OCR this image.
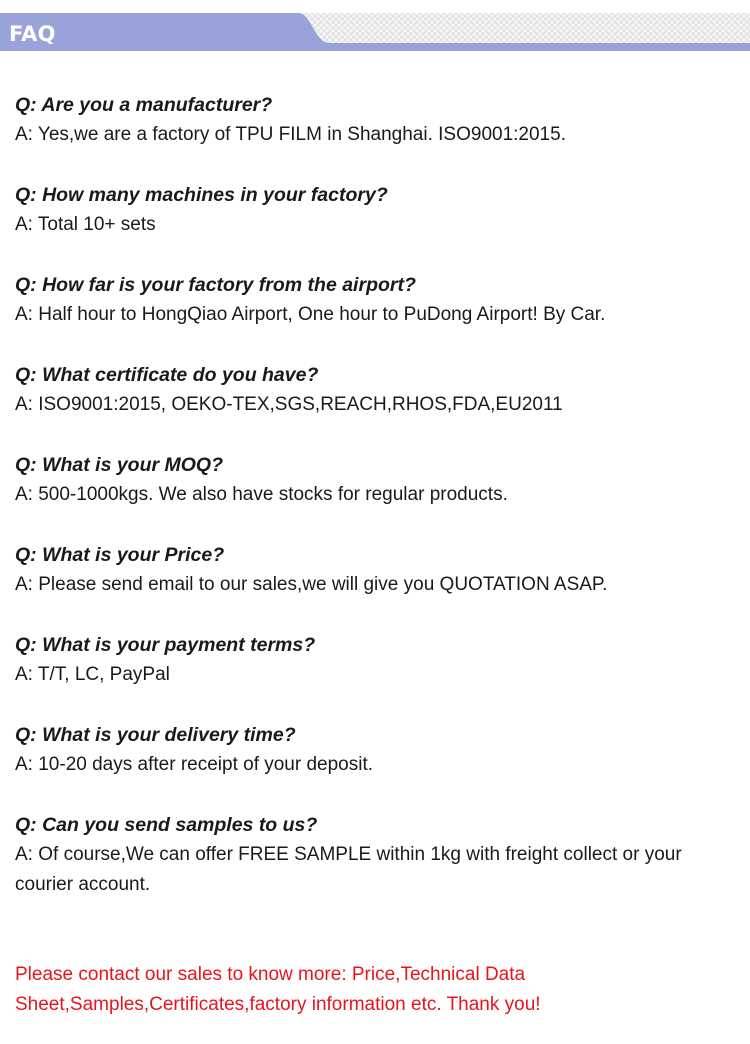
FAQ
Q: Are you a manufacturer?
A: Yes,we are a factory of TPU FILM in Shanghai. ISO9001:2015.
Q: How many machines in your factory?
A: Total 10+ sets
Q: How far is your factory from the airport?
A: Half hour to HongQiao Airport, One hour to PuDong Airport! By Car.
Q: What certificate do you have?
A: ISO9001:2015, OEKO-TEX,SGS,REACH,RHOS,FDA,EU2011
Q: What is your MOQ?
A: 500-1000kgs. We also have stocks for regular products.
Q: What is your Price?
A: Please send email to our sales,we will give you QUOTATION ASAP.
Q: What is your payment terms?
A: T/T, LC, PayPal
Q: What is your delivery time?
A: 10-20 days after receipt of your deposit.
Q: Can you send samples to us?
A: Of course,We can offer FREE SAMPLE within 1kg with freight collect or your courier account.
Please contact our sales to know more: Price,Technical Data Sheet,Samples,Certificates,factory information etc. Thank you!
